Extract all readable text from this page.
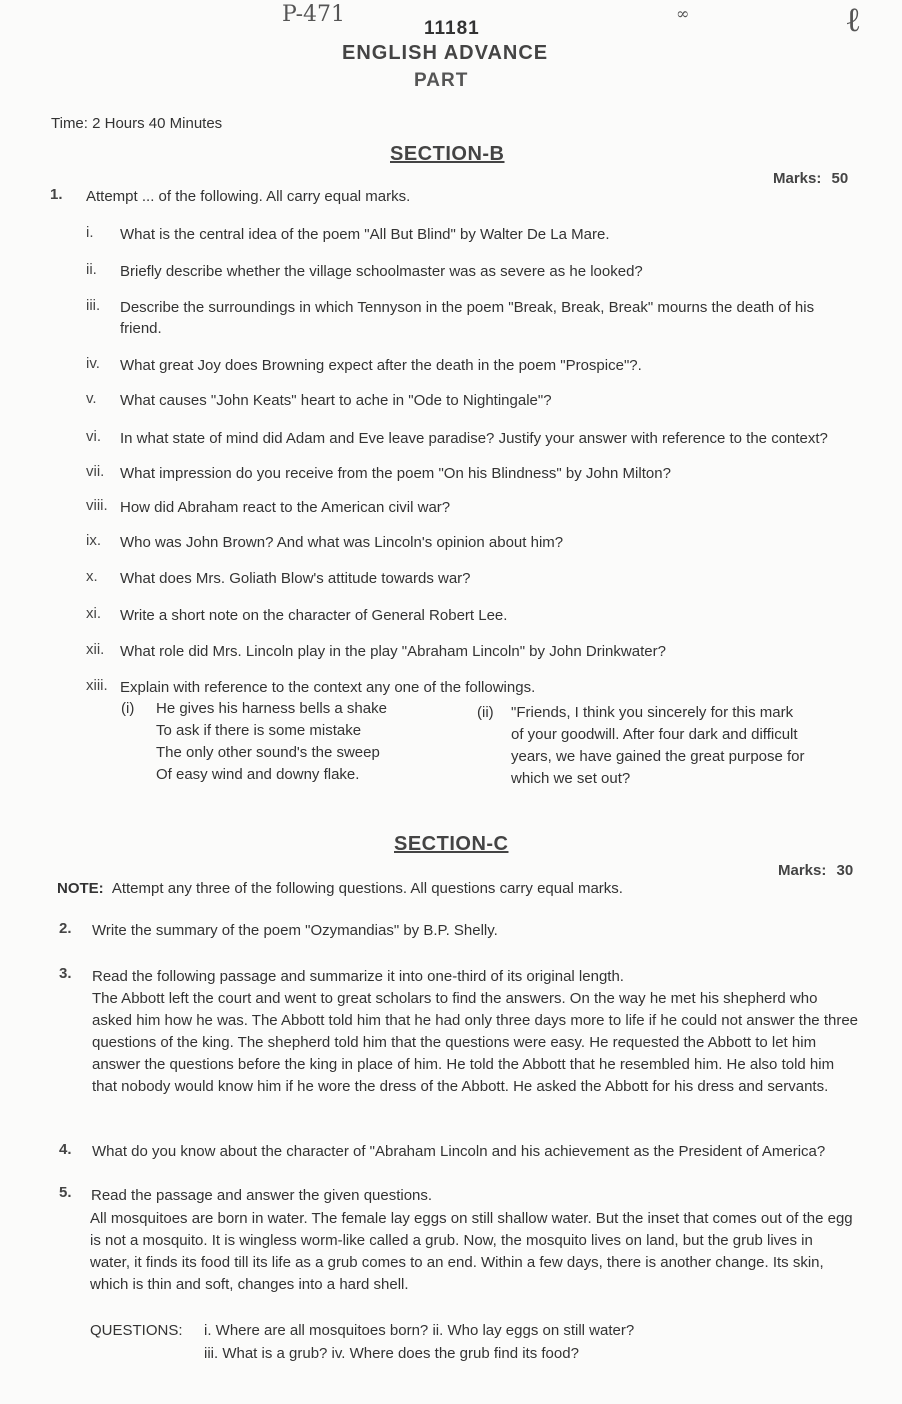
P-471
11181
ENGLISH ADVANCE
PART
ℓ
∞
Time: 2 Hours 40 Minutes
SECTION-B
Marks: 50
1. Attempt ... of the following. All carry equal marks.
i. What is the central idea of the poem "All But Blind" by Walter De La Mare.
ii. Briefly describe whether the village schoolmaster was as severe as he looked?
iii. Describe the surroundings in which Tennyson in the poem "Break, Break, Break" mourns the death of his friend.
iv. What great Joy does Browning expect after the death in the poem "Prospice"?.
v. What causes "John Keats" heart to ache in "Ode to Nightingale"?
vi. In what state of mind did Adam and Eve leave paradise? Justify your answer with reference to the context?
vii. What impression do you receive from the poem "On his Blindness" by John Milton?
viii. How did Abraham react to the American civil war?
ix. Who was John Brown? And what was Lincoln's opinion about him?
x. What does Mrs. Goliath Blow's attitude towards war?
xi. Write a short note on the character of General Robert Lee.
xii. What role did Mrs. Lincoln play in the play "Abraham Lincoln" by John Drinkwater?
xiii. Explain with reference to the context any one of the followings.
(i) He gives his harness bells a shake
To ask if there is some mistake
The only other sound's the sweep
Of easy wind and downy flake.
(ii) "Friends, I think you sincerely for this mark
of your goodwill. After four dark and difficult
years, we have gained the great purpose for
which we set out?
SECTION-C
Marks: 30
NOTE: Attempt any three of the following questions. All questions carry equal marks.
2. Write the summary of the poem "Ozymandias" by B.P. Shelly.
3. Read the following passage and summarize it into one-third of its original length.
The Abbott left the court and went to great scholars to find the answers. On the way he met his shepherd who asked him how he was. The Abbott told him that he had only three days more to life if he could not answer the three questions of the king. The shepherd told him that the questions were easy. He requested the Abbott to let him answer the questions before the king in place of him. He told the Abbott that he resembled him. He also told him that nobody would know him if he wore the dress of the Abbott. He asked the Abbott for his dress and servants.
4. What do you know about the character of "Abraham Lincoln and his achievement as the President of America?
5. Read the passage and answer the given questions.
All mosquitoes are born in water. The female lay eggs on still shallow water. But the inset that comes out of the egg is not a mosquito. It is wingless worm-like called a grub. Now, the mosquito lives on land, but the grub lives in water, it finds its food till its life as a grub comes to an end. Within a few days, there is another change. Its skin, which is thin and soft, changes into a hard shell.
QUESTIONS: i. Where are all mosquitoes born? ii. Who lay eggs on still water?
iii. What is a grub? iv. Where does the grub find its food?
